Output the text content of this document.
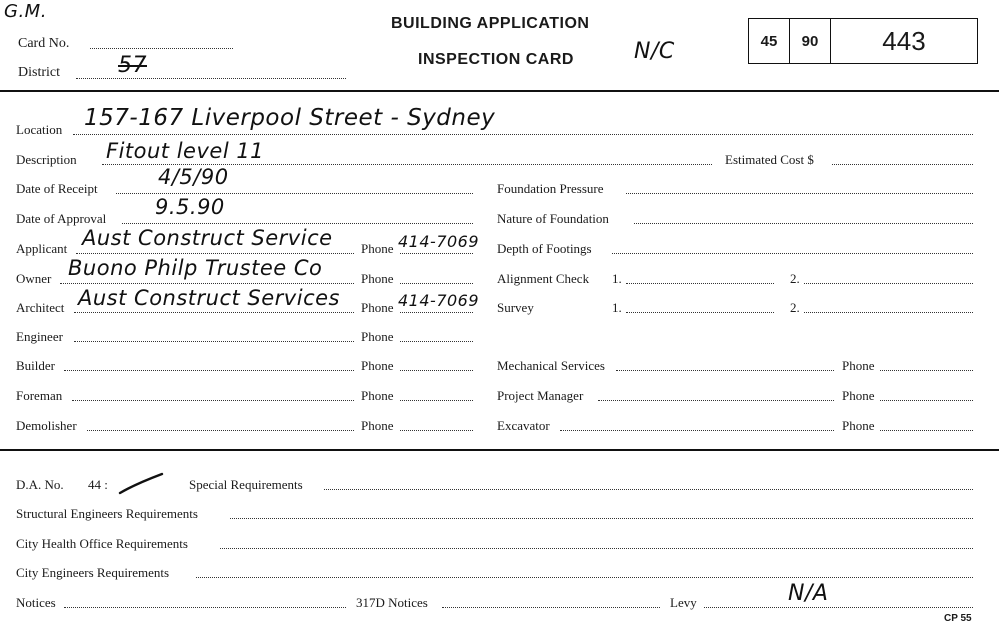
G.M.
Card No.
District	57
BUILDING APPLICATION
INSPECTION CARD	N/C	45	90	443
Location 157-167 Liverpool Street - Sydney
Description Fitout level 11	Estimated Cost $
Date of Receipt	4/5/90
Date of Approval 9.5.90
Applicant Aust Construct Service Phone 414-7069
Owner Buono Philp Trustee Co	Phone
Architect Aust Construct Services Phone 414-7069
Engineer	Phone
Builder	Phone
Foreman	Phone
Demolisher	Phone
Foundation Pressure
Nature of Foundation
Depth of Footings
Alignment Check 1.	2.
Survey	1.	2.
Mechanical Services	Phone
Project Manager	Phone
Excavator	Phone
D.A. No. 44 :	Special Requirements
Structural Engineers Requirements
City Health Office Requirements
City Engineers Requirements
Notices	317D Notices	Levy	N/A
CP 55
